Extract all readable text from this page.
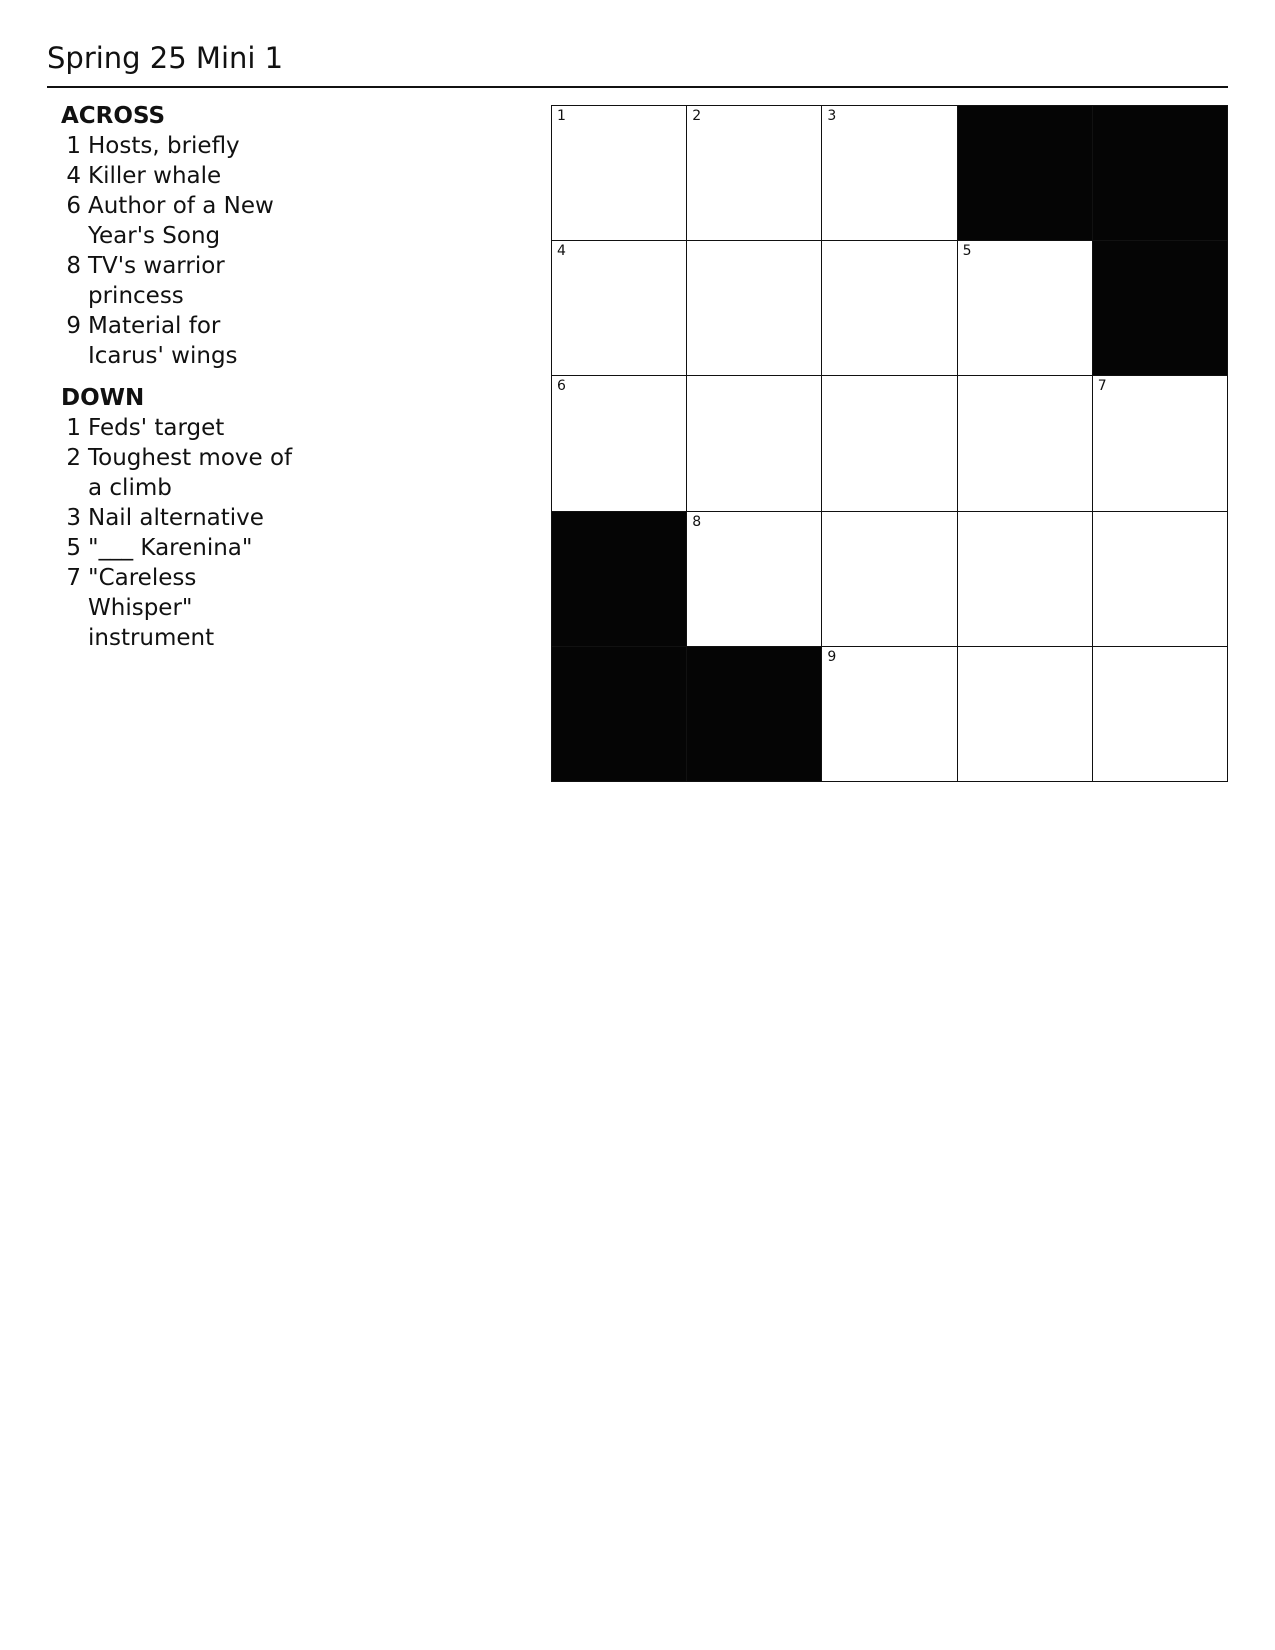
Spring 25 Mini 1
ACROSS
1 Hosts, briefly
4 Killer whale
6 Author of a New Year's Song
8 TV's warrior princess
9 Material for Icarus' wings
DOWN
1 Feds' target
2 Toughest move of a climb
3 Nail alternative
5 "___ Karenina"
7 "Careless Whisper" instrument
1	2	3
4	5
6	7
8
9
